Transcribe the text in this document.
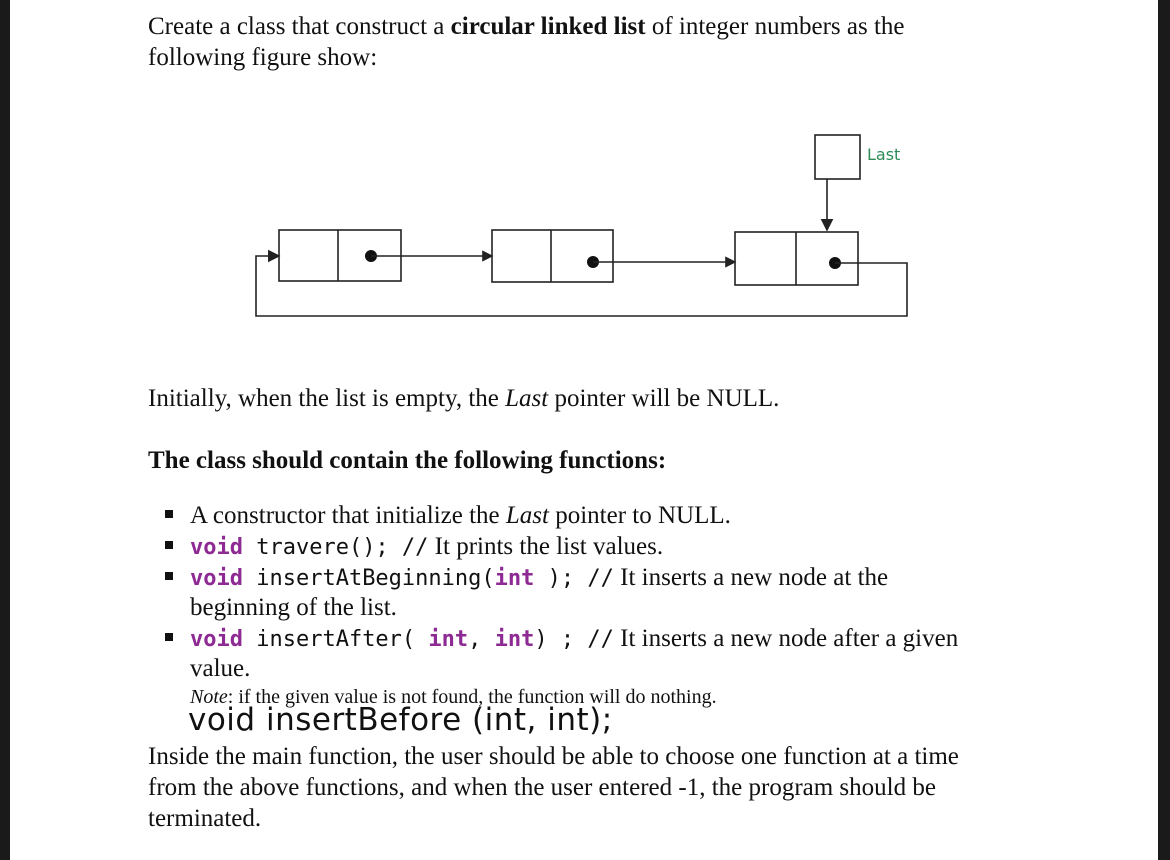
Create a class that construct a circular linked list of integer numbers as the
following figure show:
Last
Initially, when the list is empty, the Last pointer will be NULL.
The class should contain the following functions:
A constructor that initialize the Last pointer to NULL.
void travere(); // It prints the list values.
void insertAtBeginning(int ); // It inserts a new node at the
beginning of the list.
void insertAfter( int, int) ; // It inserts a new node after a given
value.
Note: if the given value is not found, the function will do nothing.
void insertBefore (int, int);
Inside the main function, the user should be able to choose one function at a time
from the above functions, and when the user entered -1, the program should be
terminated.
